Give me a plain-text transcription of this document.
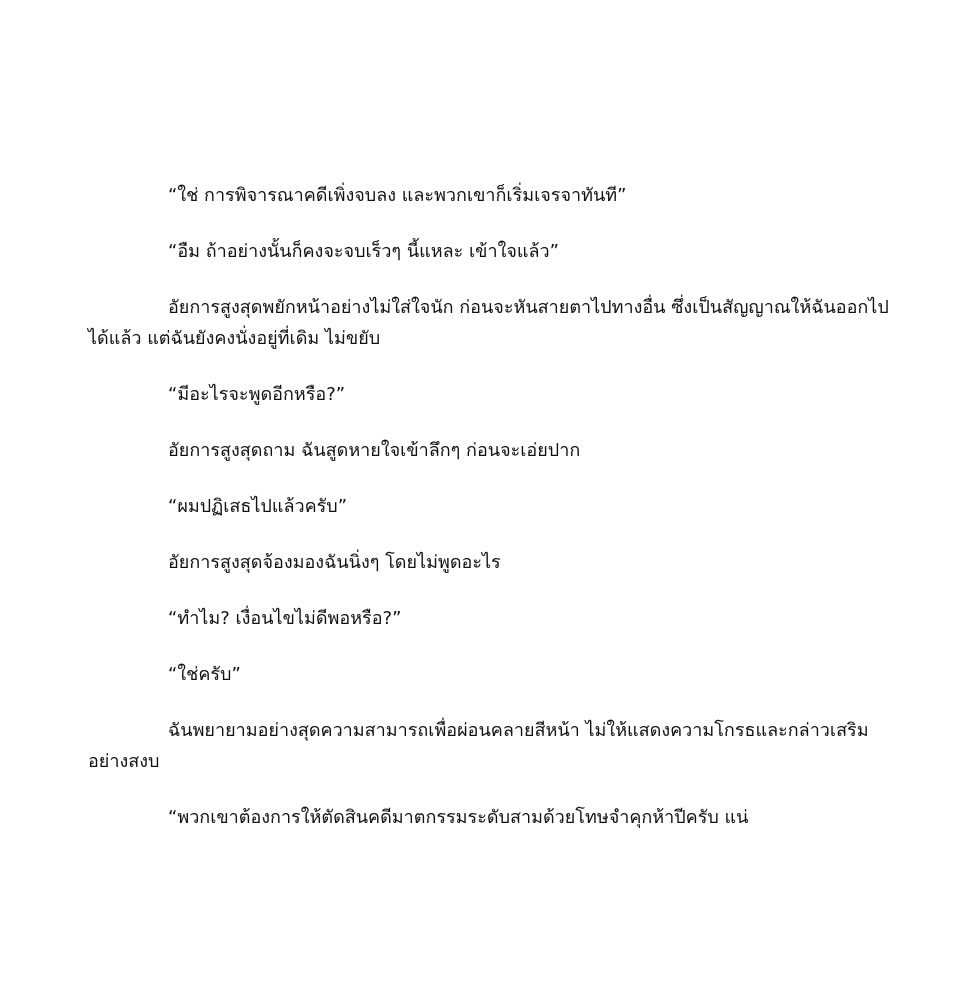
“ใช่ การพิจารณาคดีเพิ่งจบลง และพวกเขาก็เริ่มเจรจาทันที”

“อืม ถ้าอย่างนั้นก็คงจะจบเร็วๆ นี้แหละ เข้าใจแล้ว”

อัยการสูงสุดพยักหน้าอย่างไม่ใส่ใจนัก ก่อนจะหันสายตาไปทางอื่น ซึ่งเป็นสัญญาณให้ฉันออกไปได้แล้ว แต่ฉันยังคงนั่งอยู่ที่เดิม ไม่ขยับ

“มีอะไรจะพูดอีกหรือ?”

อัยการสูงสุดถาม ฉันสูดหายใจเข้าลึกๆ ก่อนจะเอ่ยปาก

“ผมปฏิเสธไปแล้วครับ”

อัยการสูงสุดจ้องมองฉันนิ่งๆ โดยไม่พูดอะไร

“ทำไม? เงื่อนไขไม่ดีพอหรือ?”

“ใช่ครับ”

ฉันพยายามอย่างสุดความสามารถเพื่อผ่อนคลายสีหน้า ไม่ให้แสดงความโกรธและกล่าวเสริมอย่างสงบ

“พวกเขาต้องการให้ตัดสินคดีมาตกรรมระดับสามด้วยโทษจำคุกห้าปีครับ แน่
